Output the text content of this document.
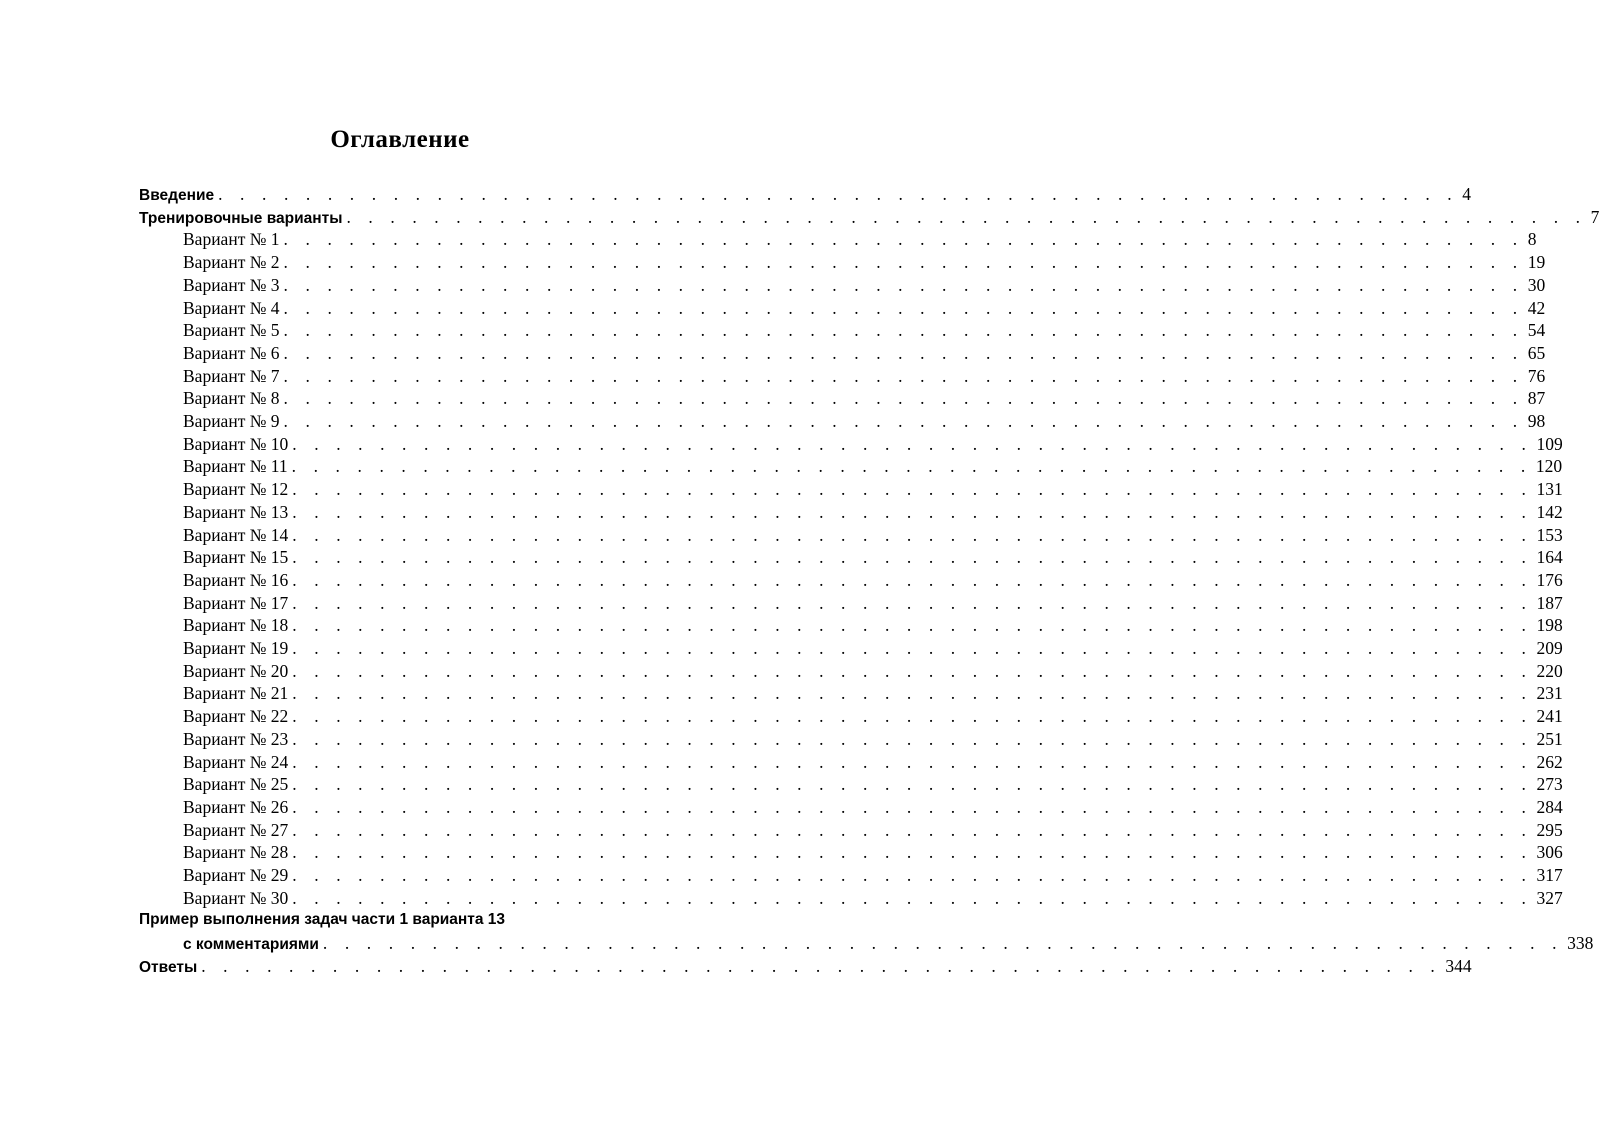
Оглавление
Введение . . . . . . . . . . . . . . . . . . . . . . . . . . . . . . . . . . . . . . . . . . . . . . . . . . . . . . . . . 4
Тренировочные варианты . . . . . . . . . . . . . . . . . . . . . . . . . . . . . . . . . . . . . . . . . . . . . . . . . . . . . . . . . 7
Вариант № 1 . . . . . . . . . . . . . . . . . . . . . . . . . . . . . . . . . . . . . . . . . . . . . . . . . . . . . . . . . 8
Вариант № 2 . . . . . . . . . . . . . . . . . . . . . . . . . . . . . . . . . . . . . . . . . . . . . . . . . . . . . . . . . 19
Вариант № 3 . . . . . . . . . . . . . . . . . . . . . . . . . . . . . . . . . . . . . . . . . . . . . . . . . . . . . . . . . 30
Вариант № 4 . . . . . . . . . . . . . . . . . . . . . . . . . . . . . . . . . . . . . . . . . . . . . . . . . . . . . . . . . 42
Вариант № 5 . . . . . . . . . . . . . . . . . . . . . . . . . . . . . . . . . . . . . . . . . . . . . . . . . . . . . . . . . 54
Вариант № 6 . . . . . . . . . . . . . . . . . . . . . . . . . . . . . . . . . . . . . . . . . . . . . . . . . . . . . . . . . 65
Вариант № 7 . . . . . . . . . . . . . . . . . . . . . . . . . . . . . . . . . . . . . . . . . . . . . . . . . . . . . . . . . 76
Вариант № 8 . . . . . . . . . . . . . . . . . . . . . . . . . . . . . . . . . . . . . . . . . . . . . . . . . . . . . . . . . 87
Вариант № 9 . . . . . . . . . . . . . . . . . . . . . . . . . . . . . . . . . . . . . . . . . . . . . . . . . . . . . . . . . 98
Вариант № 10 . . . . . . . . . . . . . . . . . . . . . . . . . . . . . . . . . . . . . . . . . . . . . . . . . . . . . . . . . 109
Вариант № 11 . . . . . . . . . . . . . . . . . . . . . . . . . . . . . . . . . . . . . . . . . . . . . . . . . . . . . . . . . 120
Вариант № 12 . . . . . . . . . . . . . . . . . . . . . . . . . . . . . . . . . . . . . . . . . . . . . . . . . . . . . . . . . 131
Вариант № 13 . . . . . . . . . . . . . . . . . . . . . . . . . . . . . . . . . . . . . . . . . . . . . . . . . . . . . . . . . 142
Вариант № 14 . . . . . . . . . . . . . . . . . . . . . . . . . . . . . . . . . . . . . . . . . . . . . . . . . . . . . . . . . 153
Вариант № 15 . . . . . . . . . . . . . . . . . . . . . . . . . . . . . . . . . . . . . . . . . . . . . . . . . . . . . . . . . 164
Вариант № 16 . . . . . . . . . . . . . . . . . . . . . . . . . . . . . . . . . . . . . . . . . . . . . . . . . . . . . . . . . 176
Вариант № 17 . . . . . . . . . . . . . . . . . . . . . . . . . . . . . . . . . . . . . . . . . . . . . . . . . . . . . . . . . 187
Вариант № 18 . . . . . . . . . . . . . . . . . . . . . . . . . . . . . . . . . . . . . . . . . . . . . . . . . . . . . . . . . 198
Вариант № 19 . . . . . . . . . . . . . . . . . . . . . . . . . . . . . . . . . . . . . . . . . . . . . . . . . . . . . . . . . 209
Вариант № 20 . . . . . . . . . . . . . . . . . . . . . . . . . . . . . . . . . . . . . . . . . . . . . . . . . . . . . . . . . 220
Вариант № 21 . . . . . . . . . . . . . . . . . . . . . . . . . . . . . . . . . . . . . . . . . . . . . . . . . . . . . . . . . 231
Вариант № 22 . . . . . . . . . . . . . . . . . . . . . . . . . . . . . . . . . . . . . . . . . . . . . . . . . . . . . . . . . 241
Вариант № 23 . . . . . . . . . . . . . . . . . . . . . . . . . . . . . . . . . . . . . . . . . . . . . . . . . . . . . . . . . 251
Вариант № 24 . . . . . . . . . . . . . . . . . . . . . . . . . . . . . . . . . . . . . . . . . . . . . . . . . . . . . . . . . 262
Вариант № 25 . . . . . . . . . . . . . . . . . . . . . . . . . . . . . . . . . . . . . . . . . . . . . . . . . . . . . . . . . 273
Вариант № 26 . . . . . . . . . . . . . . . . . . . . . . . . . . . . . . . . . . . . . . . . . . . . . . . . . . . . . . . . . 284
Вариант № 27 . . . . . . . . . . . . . . . . . . . . . . . . . . . . . . . . . . . . . . . . . . . . . . . . . . . . . . . . . 295
Вариант № 28 . . . . . . . . . . . . . . . . . . . . . . . . . . . . . . . . . . . . . . . . . . . . . . . . . . . . . . . . . 306
Вариант № 29 . . . . . . . . . . . . . . . . . . . . . . . . . . . . . . . . . . . . . . . . . . . . . . . . . . . . . . . . . 317
Вариант № 30 . . . . . . . . . . . . . . . . . . . . . . . . . . . . . . . . . . . . . . . . . . . . . . . . . . . . . . . . . 327
Пример выполнения задач части 1 варианта 13
с комментариями . . . . . . . . . . . . . . . . . . . . . . . . . . . . . . . . . . . . . . . . . . . . . . . . . . . . . . . . . 338
Ответы . . . . . . . . . . . . . . . . . . . . . . . . . . . . . . . . . . . . . . . . . . . . . . . . . . . . . . . . . 344
